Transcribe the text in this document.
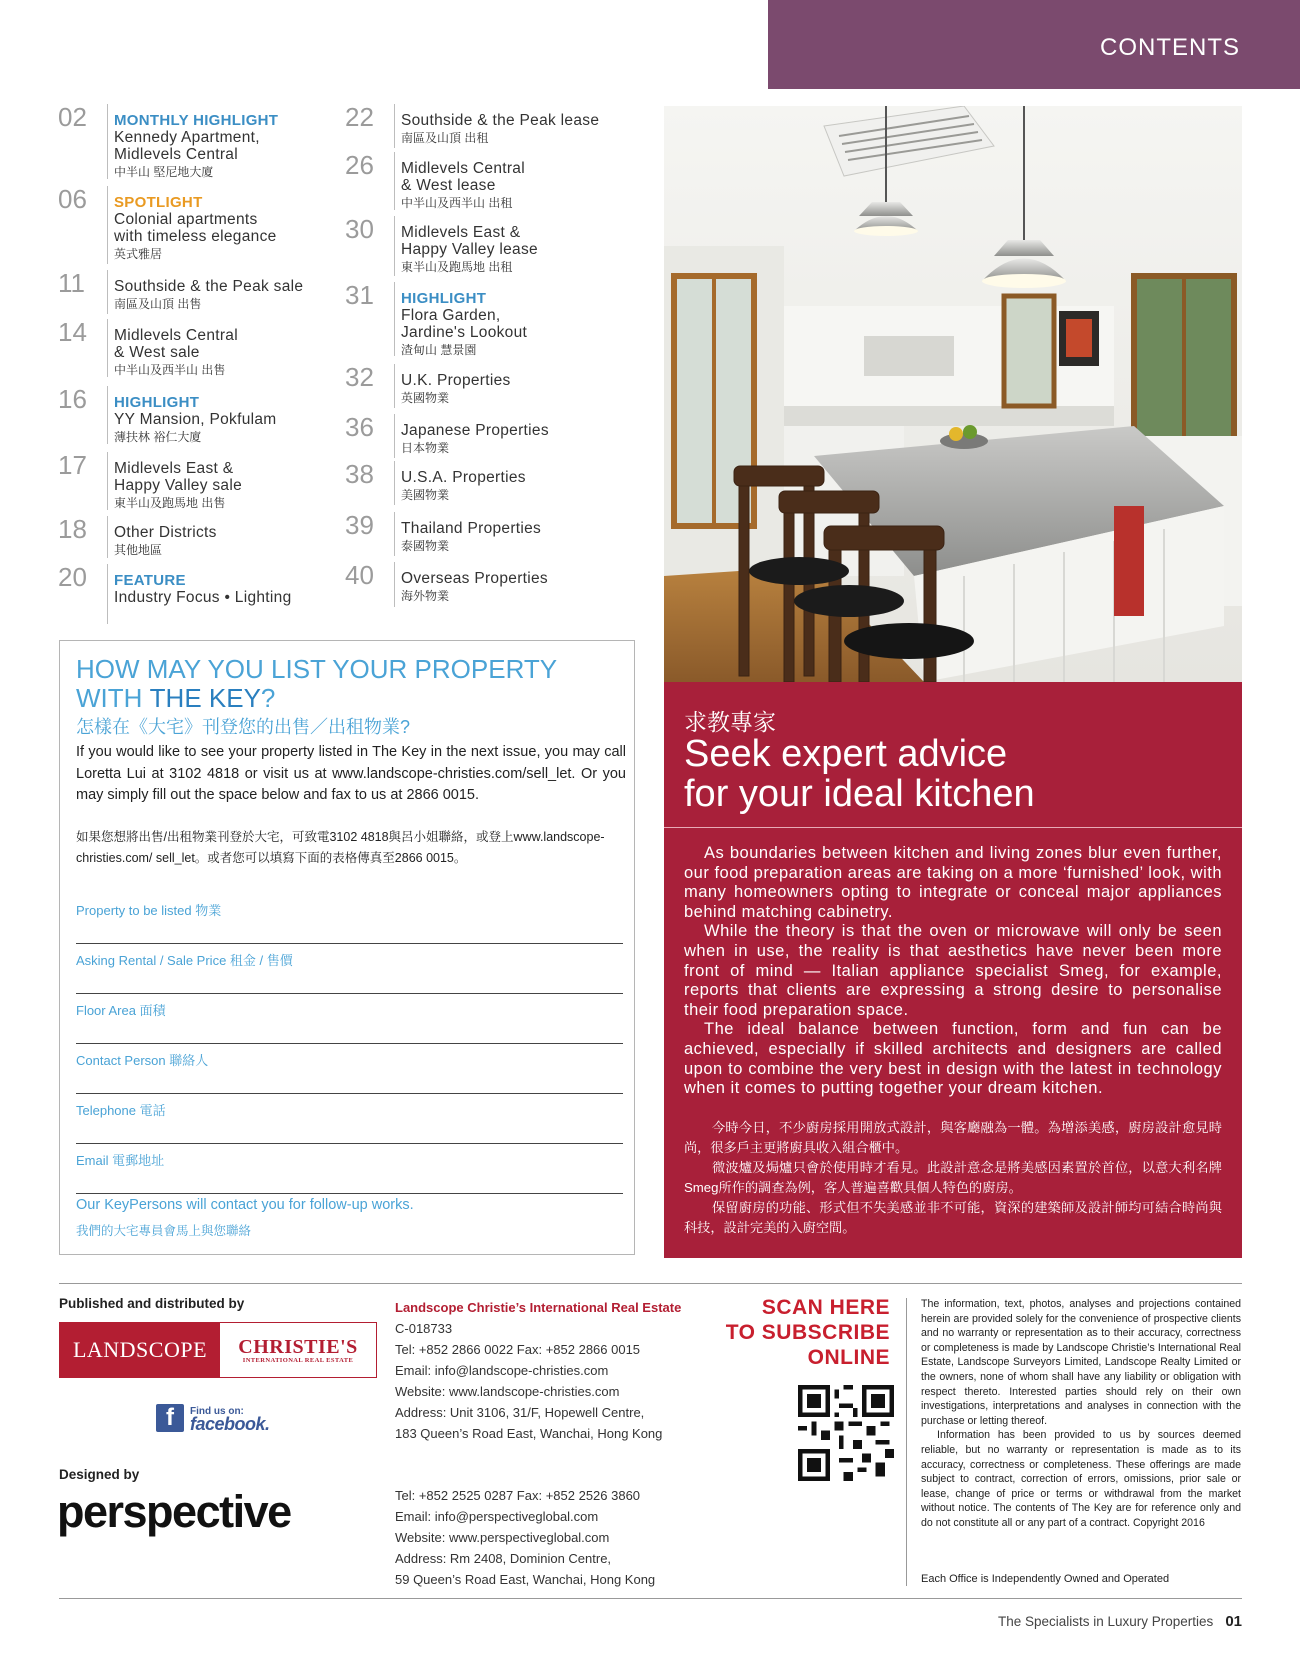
CONTENTS
02 MONTHLY HIGHLIGHT
Kennedy Apartment,
Midlevels Central
中半山 堅尼地大廈
06 SPOTLIGHT
Colonial apartments
with timeless elegance
英式雅居
11 Southside & the Peak sale
南區及山頂 出售
14 Midlevels Central
& West sale
中半山及西半山 出售
16 HIGHLIGHT
YY Mansion, Pokfulam
薄扶林 裕仁大廈
17 Midlevels East &
Happy Valley sale
東半山及跑馬地 出售
18 Other Districts
其他地區
20 FEATURE
Industry Focus • Lighting
22 Southside & the Peak lease
南區及山頂 出租
26 Midlevels Central
& West lease
中半山及西半山 出租
30 Midlevels East &
Happy Valley lease
東半山及跑馬地 出租
31 HIGHLIGHT
Flora Garden,
Jardine's Lookout
渣甸山 慧景園
32 U.K. Properties
英國物業
36 Japanese Properties
日本物業
38 U.S.A. Properties
美國物業
39 Thailand Properties
泰國物業
40 Overseas Properties
海外物業
HOW MAY YOU LIST YOUR PROPERTY
WITH THE KEY?
怎樣在《大宅》刊登您的出售／出租物業?
If you would like to see your property listed in The Key in the next issue, you may call Loretta Lui at 3102 4818 or visit us at www.landscope-christies.com/sell_let. Or you may simply fill out the space below and fax to us at 2866 0015.
如果您想將出售/出租物業刊登於大宅，可致電3102 4818與呂小姐聯絡，或登上www.landscope-christies.com/ sell_let。或者您可以填寫下面的表格傳真至2866 0015。
Property to be listed 物業
Asking Rental / Sale Price 租金 / 售價
Floor Area 面積
Contact Person 聯絡人
Telephone 電話
Email 電郵地址
Our KeyPersons will contact you for follow-up works.
我們的大宅專員會馬上與您聯絡
求教專家
Seek expert advice
for your ideal kitchen

As boundaries between kitchen and living zones blur even further, our food preparation areas are taking on a more ‘furnished’ look, with many homeowners opting to integrate or conceal major appliances behind matching cabinetry.

While the theory is that the oven or microwave will only be seen when in use, the reality is that aesthetics have never been more front of mind — Italian appliance specialist Smeg, for example, reports that clients are expressing a strong desire to personalise their food preparation space.

The ideal balance between function, form and fun can be achieved, especially if skilled architects and designers are called upon to combine the very best in design with the latest in technology when it comes to putting together your dream kitchen.

今時今日，不少廚房採用開放式設計，與客廳融為一體。為增添美感，廚房設計愈見時尚，很多戶主更將廚具收入組合櫃中。

微波爐及焗爐只會於使用時才看見。此設計意念是將美感因素置於首位，以意大利名牌Smeg所作的調查為例，客人普遍喜歡具個人特色的廚房。

保留廚房的功能、形式但不失美感並非不可能，資深的建築師及設計師均可結合時尚與科技，設計完美的入廚空間。

Published and distributed by
LANDSCOPE	CHRISTIE'S
INTERNATIONAL REAL ESTATE
f	Find us on:
facebook.
Designed by
perspective
Landscope Christie’s International Real Estate
C-018733
Tel: +852 2866 0022 Fax: +852 2866 0015
Email: info@landscope-christies.com
Website: www.landscope-christies.com
Address: Unit 3106, 31/F, Hopewell Centre,
183 Queen’s Road East, Wanchai, Hong Kong
Tel: +852 2525 0287 Fax: +852 2526 3860
Email: info@perspectiveglobal.com
Website: www.perspectiveglobal.com
Address: Rm 2408, Dominion Centre,
59 Queen’s Road East, Wanchai, Hong Kong
SCAN HERE
TO SUBSCRIBE
ONLINE

The information, text, photos, analyses and projections contained herein are provided solely for the convenience of prospective clients and no warranty or representation as to their accuracy, correctness or completeness is made by Landscope Christie’s International Real Estate, Landscope Surveyors Limited, Landscope Realty Limited or the owners, none of whom shall have any liability or obligation with respect thereto. Interested parties should rely on their own investigations, interpretations and analyses in connection with the purchase or letting thereof.

Information has been provided to us by sources deemed reliable, but no warranty or representation is made as to its accuracy, correctness or completeness. These offerings are made subject to contract, correction of errors, omissions, prior sale or lease, change of price or terms or withdrawal from the market without notice. The contents of The Key are for reference only and do not constitute all or any part of a contract. Copyright 2016

Each Office is Independently Owned and Operated
The Specialists in Luxury Properties 01
